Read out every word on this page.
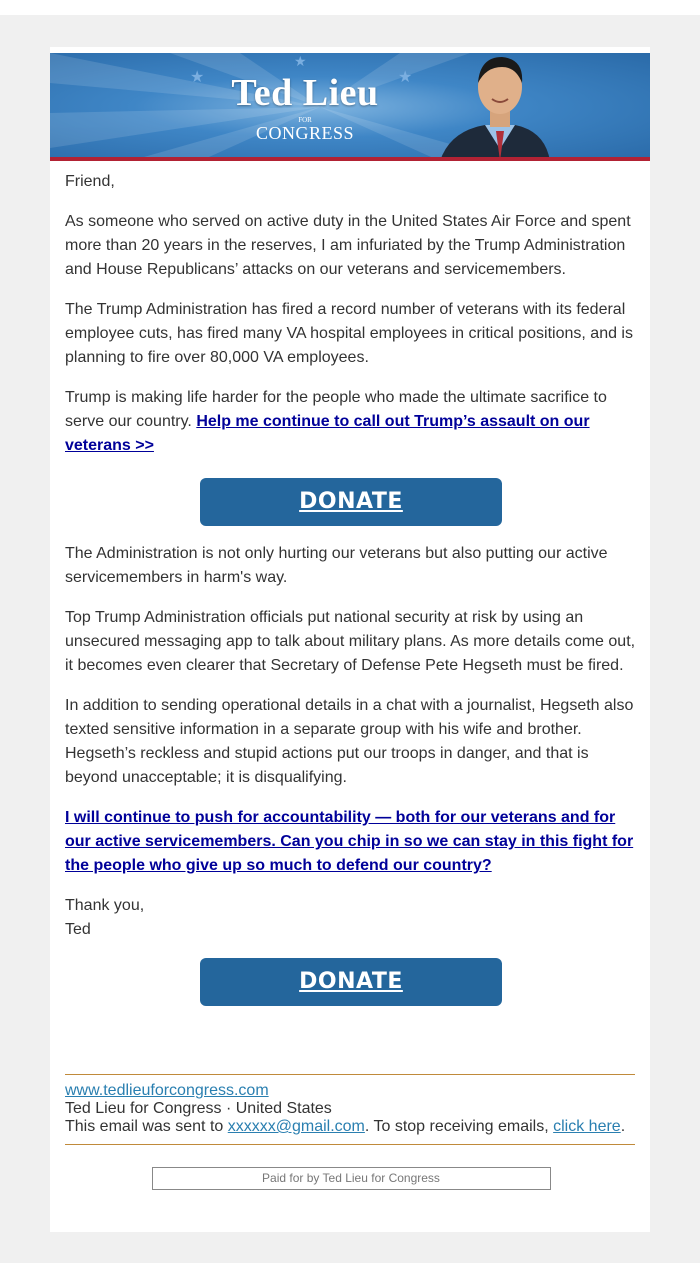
★
★
★
Ted Lieu
FOR
CONGRESS

Friend,

As someone who served on active duty in the United States Air Force and spent more than 20 years in the reserves, I am infuriated by the Trump Administration and House Republicans’ attacks on our veterans and servicemembers.

The Trump Administration has fired a record number of veterans with its federal employee cuts, has fired many VA hospital employees in critical positions, and is planning to fire over 80,000 VA employees.

Trump is making life harder for the people who made the ultimate sacrifice to serve our country. Help me continue to call out Trump’s assault on our veterans >>

DONATE

The Administration is not only hurting our veterans but also putting our active servicemembers in harm's way.

Top Trump Administration officials put national security at risk by using an unsecured messaging app to talk about military plans. As more details come out, it becomes even clearer that Secretary of Defense Pete Hegseth must be fired.

In addition to sending operational details in a chat with a journalist, Hegseth also texted sensitive information in a separate group with his wife and brother. Hegseth’s reckless and stupid actions put our troops in danger, and that is beyond unacceptable; it is disqualifying.

I will continue to push for accountability — both for our veterans and for our active servicemembers. Can you chip in so we can stay in this fight for the people who give up so much to defend our country?

Thank you,
Ted

DONATE
www.tedlieuforcongress.com
Ted Lieu for Congress · United States
This email was sent to xxxxxx@gmail.com. To stop receiving emails, click here.
Paid for by Ted Lieu for Congress
